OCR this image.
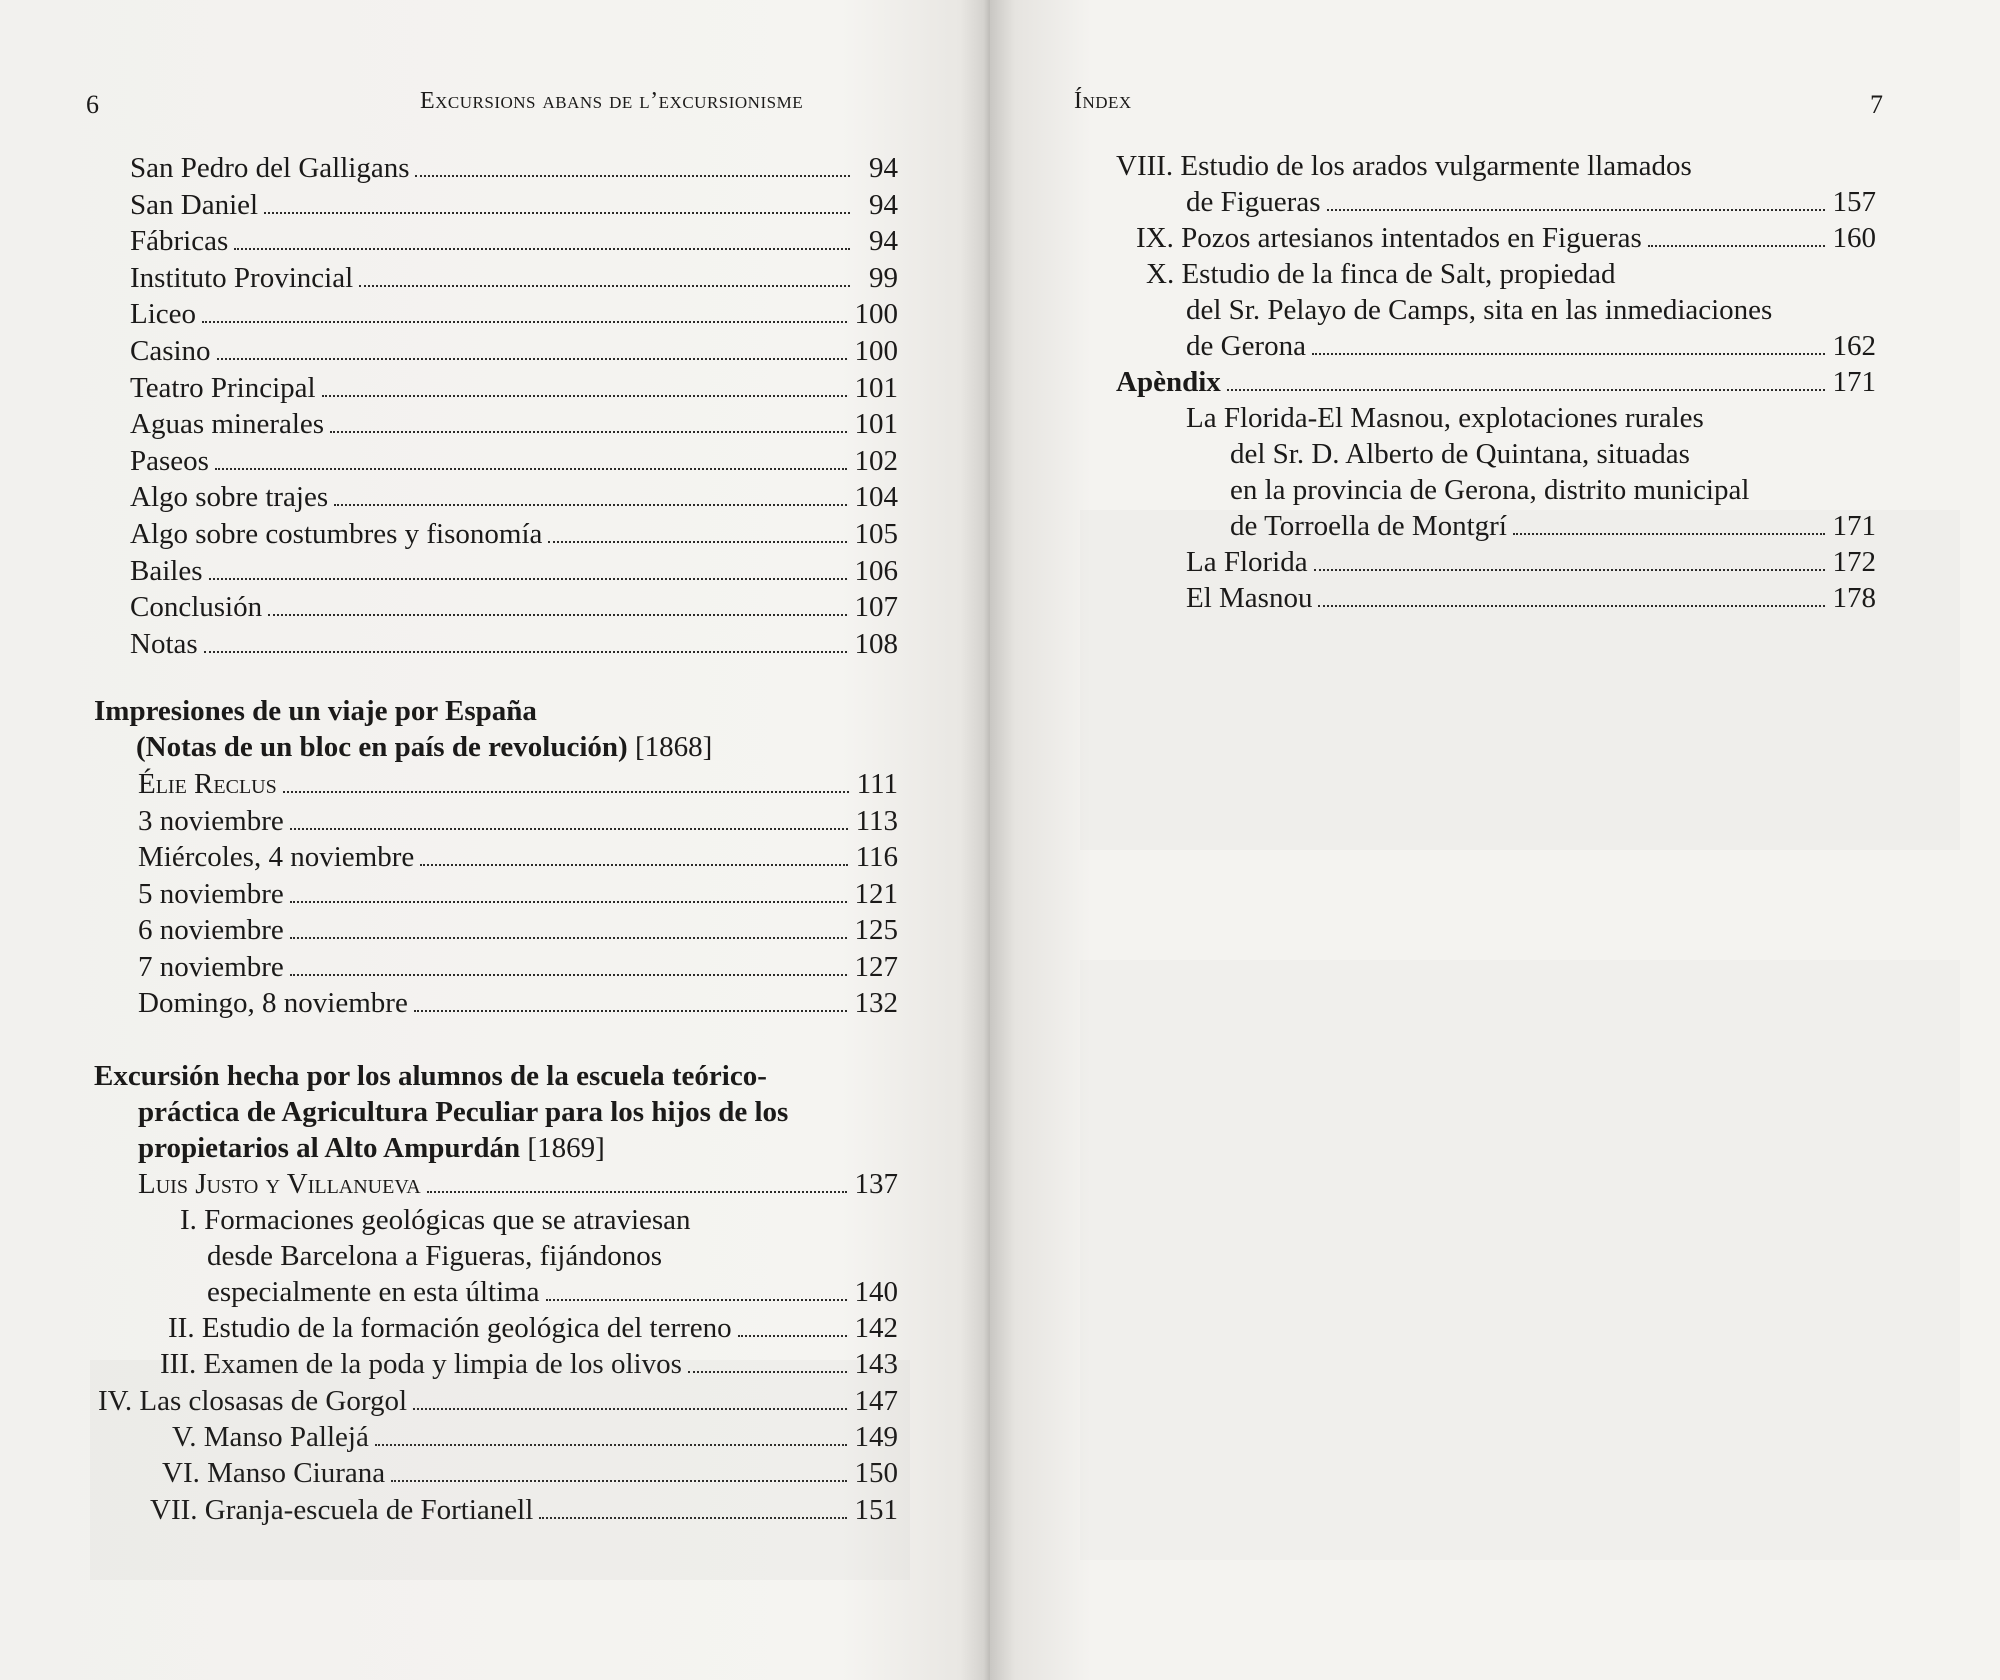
6	Excursions abans de l’excursionisme
San Pedro del Galligans	94
San Daniel	94
Fábricas	94
Instituto Provincial	99
Liceo	100
Casino	100
Teatro Principal	101
Aguas minerales	101
Paseos	102
Algo sobre trajes	104
Algo sobre costumbres y fisonomía	105
Bailes	106
Conclusión	107
Notas	108
Impresiones de un viaje por España
(Notas de un bloc en país de revolución) [1868]
Élie Reclus	111
3 noviembre	113
Miércoles, 4 noviembre	116
5 noviembre	121
6 noviembre	125
7 noviembre	127
Domingo, 8 noviembre	132
Excursión hecha por los alumnos de la escuela teórico-
práctica de Agricultura Peculiar para los hijos de los
propietarios al Alto Ampurdán [1869]
Luis Justo y Villanueva	137
I. Formaciones geológicas que se atraviesan
desde Barcelona a Figueras, fijándonos
especialmente en esta última	140
II. Estudio de la formación geológica del terreno	142
III. Examen de la poda y limpia de los olivos	143
IV. Las closasas de Gorgol	147
V. Manso Pallejá	149
VI. Manso Ciurana	150
VII. Granja-escuela de Fortianell	151
Índex	7
VIII. Estudio de los arados vulgarmente llamados
de Figueras	157
IX. Pozos artesianos intentados en Figueras	160
X. Estudio de la finca de Salt, propiedad
del Sr. Pelayo de Camps, sita en las inmediaciones
de Gerona	162
Apèndix	171
La Florida-El Masnou, explotaciones rurales
del Sr. D. Alberto de Quintana, situadas
en la provincia de Gerona, distrito municipal
de Torroella de Montgrí	171
La Florida	172
El Masnou	178
